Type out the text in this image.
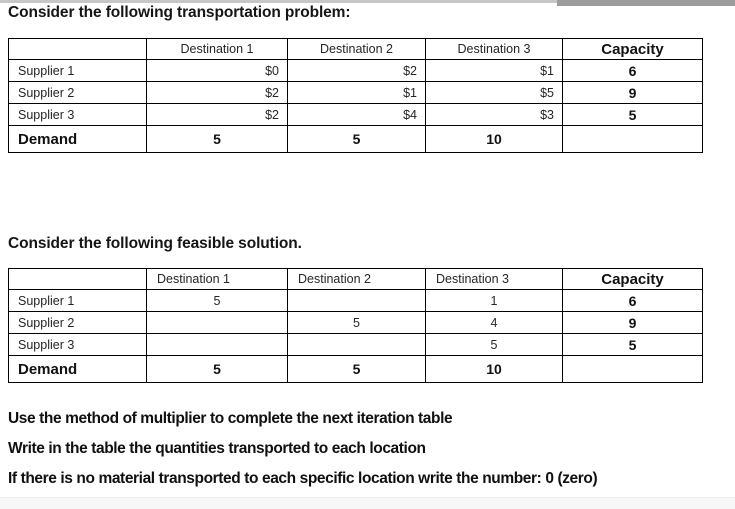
Consider the following transportation problem:
	Destination 1	Destination 2	Destination 3	Capacity
Supplier 1	$0	$2	$1	6
Supplier 2	$2	$1	$5	9
Supplier 3	$2	$4	$3	5
Demand	5	5	10	
Consider the following feasible solution.
	Destination 1	Destination 2	Destination 3	Capacity
Supplier 1	5		1	6
Supplier 2		5	4	9
Supplier 3			5	5
Demand	5	5	10	

Use the method of multiplier to complete the next iteration table

Write in the table the quantities transported to each location

If there is no material transported to each specific location write the number: 0 (zero)
